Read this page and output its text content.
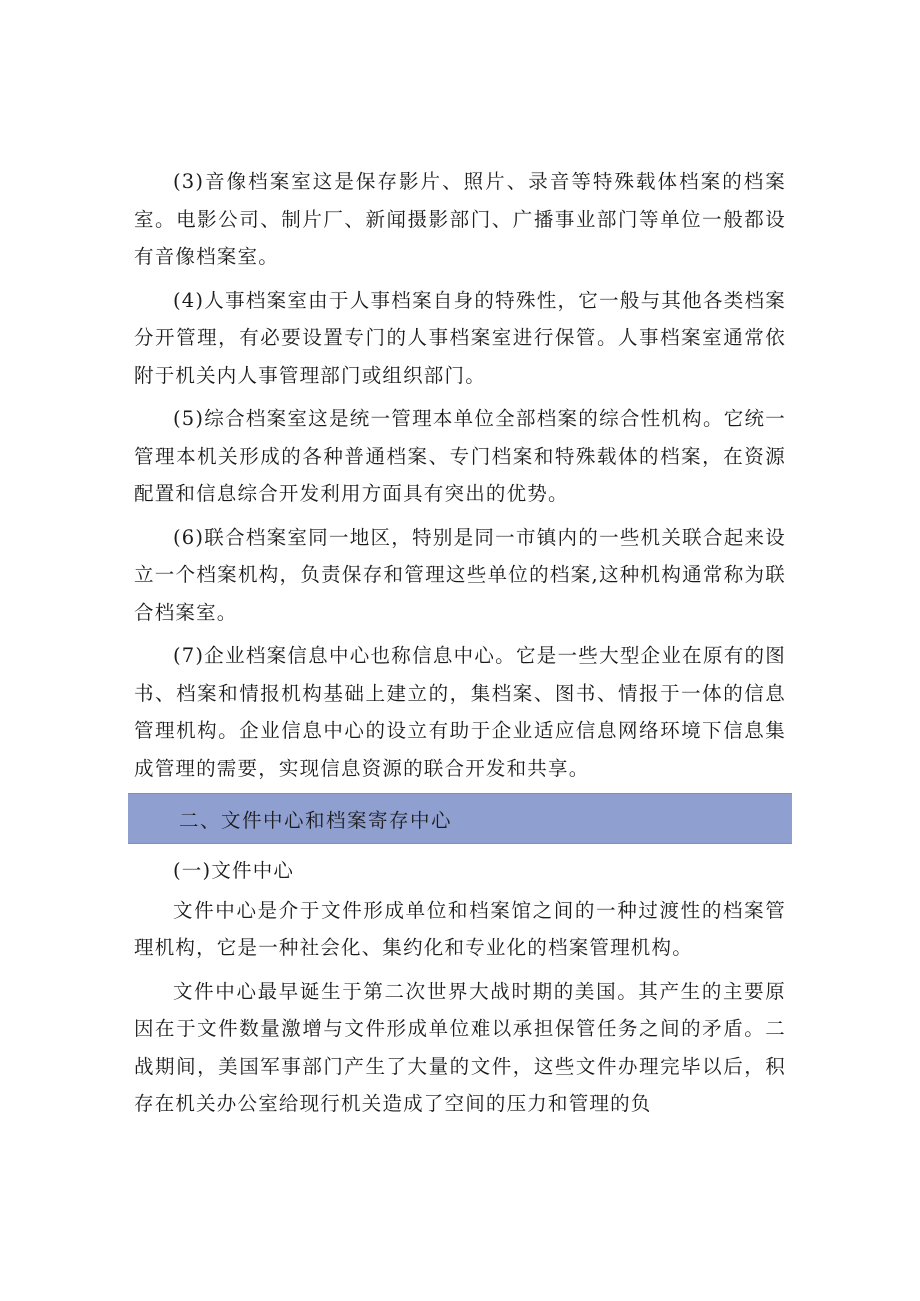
(3)音像档案室这是保存影片、照片、录音等特殊载体档案的档案室。电影公司、制片厂、新闻摄影部门、广播事业部门等单位一般都设有音像档案室。

(4)人事档案室由于人事档案自身的特殊性，它一般与其他各类档案分开管理，有必要设置专门的人事档案室进行保管。人事档案室通常依附于机关内人事管理部门或组织部门。

(5)综合档案室这是统一管理本单位全部档案的综合性机构。它统一管理本机关形成的各种普通档案、专门档案和特殊载体的档案，在资源配置和信息综合开发利用方面具有突出的优势。

(6)联合档案室同一地区，特别是同一市镇内的一些机关联合起来设立一个档案机构，负责保存和管理这些单位的档案,这种机构通常称为联合档案室。

(7)企业档案信息中心也称信息中心。它是一些大型企业在原有的图书、档案和情报机构基础上建立的，集档案、图书、情报于一体的信息管理机构。企业信息中心的设立有助于企业适应信息网络环境下信息集成管理的需要，实现信息资源的联合开发和共享。

二、文件中心和档案寄存中心

(一)文件中心

文件中心是介于文件形成单位和档案馆之间的一种过渡性的档案管理机构，它是一种社会化、集约化和专业化的档案管理机构。

文件中心最早诞生于第二次世界大战时期的美国。其产生的主要原因在于文件数量激增与文件形成单位难以承担保管任务之间的矛盾。二战期间，美国军事部门产生了大量的文件，这些文件办理完毕以后，积存在机关办公室给现行机关造成了空间的压力和管理的负
